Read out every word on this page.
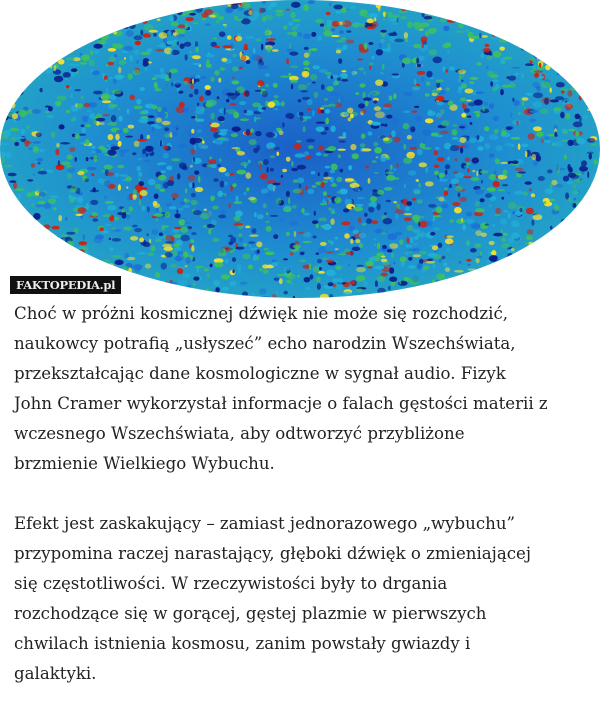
FAKTOPEDIA.pl
Choć w próżni kosmicznej dźwięk nie może się rozchodzić,
naukowcy potrafią „usłyszeć” echo narodzin Wszechświata,
przekształcając dane kosmologiczne w sygnał audio. Fizyk
John Cramer wykorzystał informacje o falach gęstości materii z
wczesnego Wszechświata, aby odtworzyć przybliżone
brzmienie Wielkiego Wybuchu.
Efekt jest zaskakujący – zamiast jednorazowego „wybuchu”
przypomina raczej narastający, głęboki dźwięk o zmieniającej
się częstotliwości. W rzeczywistości były to drgania
rozchodzące się w gorącej, gęstej plazmie w pierwszych
chwilach istnienia kosmosu, zanim powstały gwiazdy i
galaktyki.
